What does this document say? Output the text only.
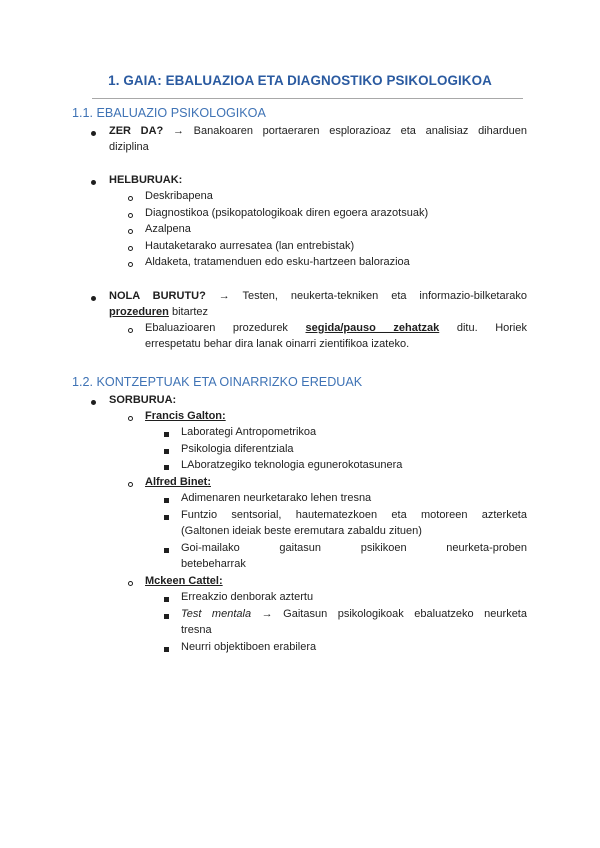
1. GAIA: EBALUAZIOA ETA DIAGNOSTIKO PSIKOLOGIKOA
1.1. EBALUAZIO PSIKOLOGIKOA
ZER DA? → Banakoaren portaeraren esplorazioaz eta analisiaz diharduen
diziplina
HELBURUAK:
Deskribapena
Diagnostikoa (psikopatologikoak diren egoera arazotsuak)
Azalpena
Hautaketarako aurresatea (lan entrebistak)
Aldaketa, tratamenduen edo esku-hartzeen balorazioa
NOLA BURUTU? → Testen, neukerta-tekniken eta informazio-bilketarako
prozeduren bitartez
Ebaluazioaren prozedurek segida/pauso zehatzak ditu. Horiek
errespetatu behar dira lanak oinarri zientifikoa izateko.
1.2. KONTZEPTUAK ETA OINARRIZKO EREDUAK
SORBURUA:
Francis Galton:
Laborategi Antropometrikoa
Psikologia diferentziala
LAboratzegiko teknologia egunerokotasunera
Alfred Binet:
Adimenaren neurketarako lehen tresna
Funtzio sentsorial, hautematezkoen eta motoreen azterketa
(Galtonen ideiak beste eremutara zabaldu zituen)
Goi-mailako gaitasun psikikoen neurketa-proben
betebeharrak
Mckeen Cattel:
Erreakzio denborak aztertu
Test mentala → Gaitasun psikologikoak ebaluatzeko neurketa
tresna
Neurri objektiboen erabilera
